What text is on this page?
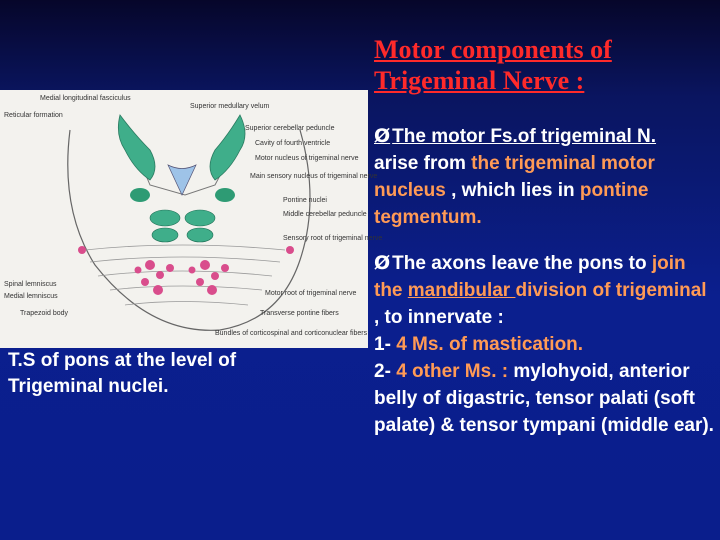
Motor components of Trigeminal Nerve :
Medial longitudinal fasciculus
Reticular formation
Superior medullary velum
Superior cerebellar peduncle
Cavity of fourth ventricle
Motor nucleus of trigeminal nerve
Main sensory nucleus of trigeminal nerve
Pontine nuclei
Middle cerebellar peduncle
Sensory root of trigeminal nerve
Spinal lemniscus
Medial lemniscus
Trapezoid body
Motor root of trigeminal nerve
Transverse pontine fibers
Bundles of corticospinal and corticonuclear fibers
T.S of pons at the level of
Trigeminal nuclei.
Ø The motor Fs.of trigeminal N.
arise from the trigeminal motor nucleus , which lies in pontine
tegmentum.
Ø The axons leave the pons to join the mandibular division of trigeminal , to innervate :
1- 4 Ms. of mastication.
2- 4 other Ms. : mylohyoid, anterior belly of digastric, tensor palati (soft palate) & tensor tympani (middle ear).
